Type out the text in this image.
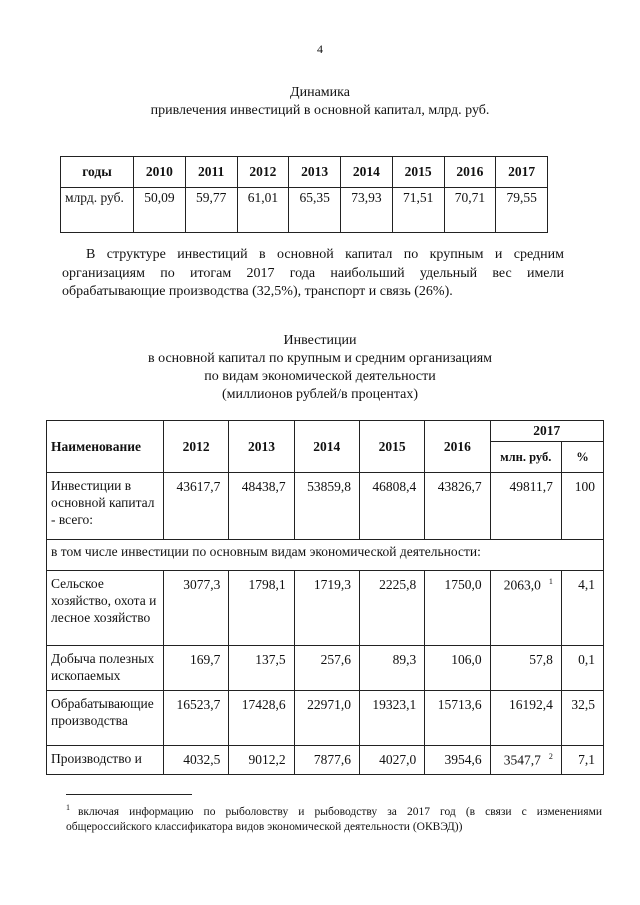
4
Динамика
привлечения инвестиций в основной капитал, млрд. руб.
годы	2010	2011	2012	2013	2014	2015	2016	2017
млрд. руб.	50,09	59,77	61,01	65,35	73,93	71,51	70,71	79,55
В структуре инвестиций в основной капитал по крупным и средним организациям по итогам 2017 года наибольший удельный вес имели обрабатывающие производства (32,5%), транспорт и связь (26%).
Инвестиции
в основной капитал по крупным и средним организациям
по видам экономической деятельности
(миллионов рублей/в процентах)
Наименование	2012	2013	2014	2015	2016	2017	
						млн. руб.	%
Инвестиции в основной капитал - всего:	43617,7	48438,7	53859,8	46808,4	43826,7	49811,7	100
в том числе инвестиции по основным видам экономической деятельности:							
Сельское хозяйство, охота и лесное хозяйство	3077,3	1798,1	1719,3	2225,8	1750,0	2063,0 $^1$	4,1
Добыча полезных ископаемых	169,7	137,5	257,6	89,3	106,0	57,8	0,1
Обрабатывающие производства	16523,7	17428,6	22971,0	19323,1	15713,6	16192,4	32,5
Производство и	4032,5	9012,2	7877,6	4027,0	3954,6	3547,7 $^2$	7,1
$^1$ включая информацию по рыболовству и рыбоводству за 2017 год (в связи с изменениями общероссийского классификатора видов экономической деятельности (ОКВЭД))
